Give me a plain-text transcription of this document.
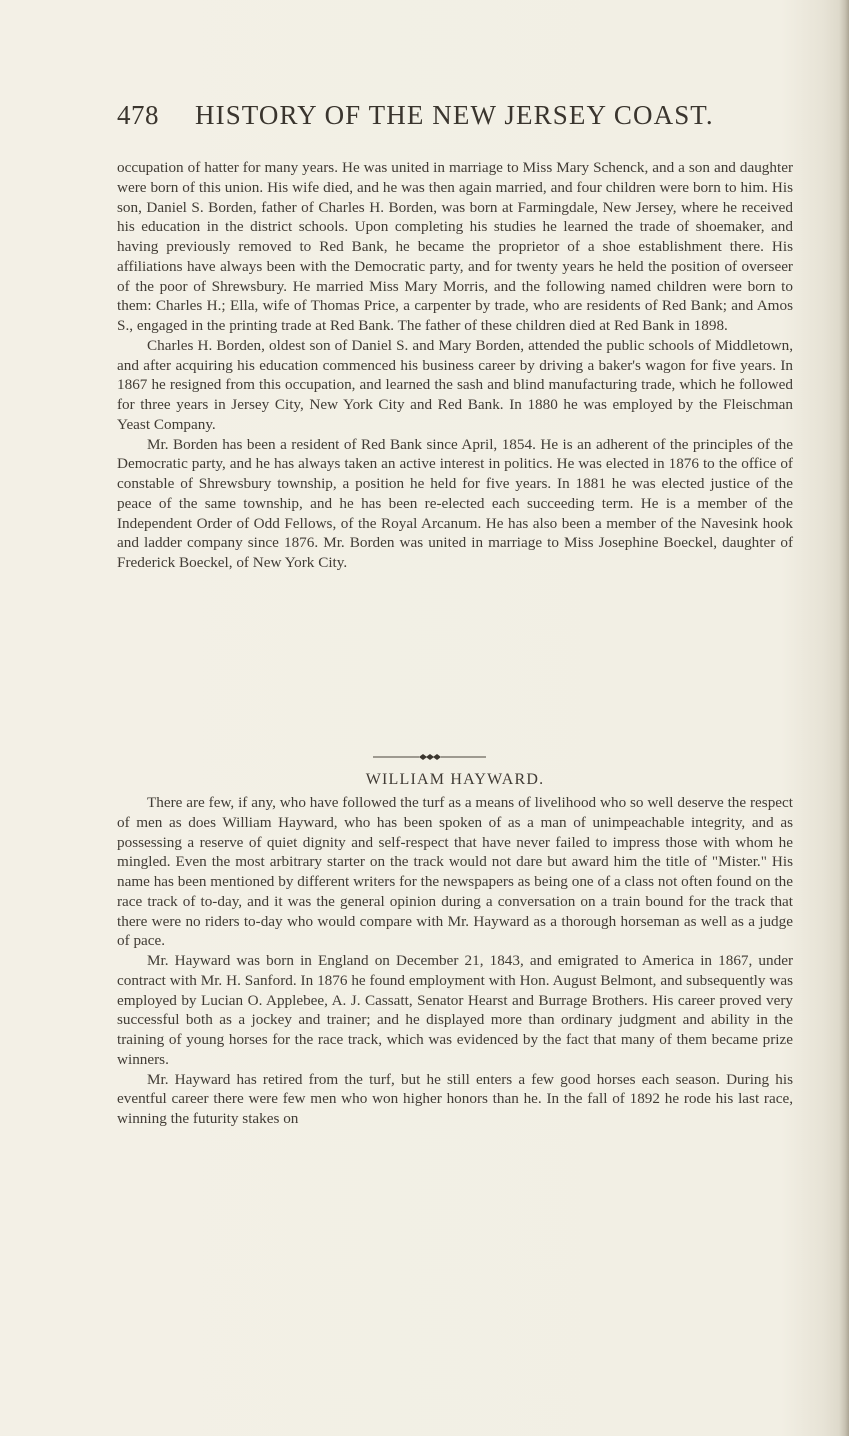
478 HISTORY OF THE NEW JERSEY COAST.

occupation of hatter for many years. He was united in marriage to Miss Mary Schenck, and a son and daughter were born of this union. His wife died, and he was then again married, and four children were born to him. His son, Daniel S. Borden, father of Charles H. Borden, was born at Farmingdale, New Jersey, where he received his education in the district schools. Upon completing his studies he learned the trade of shoemaker, and having previously removed to Red Bank, he became the proprietor of a shoe establishment there. His affiliations have always been with the Democratic party, and for twenty years he held the position of overseer of the poor of Shrewsbury. He married Miss Mary Morris, and the following named children were born to them: Charles H.; Ella, wife of Thomas Price, a carpenter by trade, who are residents of Red Bank; and Amos S., engaged in the printing trade at Red Bank. The father of these children died at Red Bank in 1898.

Charles H. Borden, oldest son of Daniel S. and Mary Borden, attended the public schools of Middletown, and after acquiring his education commenced his business career by driving a baker's wagon for five years. In 1867 he resigned from this occupation, and learned the sash and blind manufacturing trade, which he followed for three years in Jersey City, New York City and Red Bank. In 1880 he was employed by the Fleischman Yeast Company.

Mr. Borden has been a resident of Red Bank since April, 1854. He is an adherent of the principles of the Democratic party, and he has always taken an active interest in politics. He was elected in 1876 to the office of constable of Shrewsbury township, a position he held for five years. In 1881 he was elected justice of the peace of the same township, and he has been re-elected each succeeding term. He is a member of the Independent Order of Odd Fellows, of the Royal Arcanum. He has also been a member of the Navesink hook and ladder company since 1876. Mr. Borden was united in marriage to Miss Josephine Boeckel, daughter of Frederick Boeckel, of New York City.

WILLIAM HAYWARD.

There are few, if any, who have followed the turf as a means of livelihood who so well deserve the respect of men as does William Hayward, who has been spoken of as a man of unimpeachable integrity, and as possessing a reserve of quiet dignity and self-respect that have never failed to impress those with whom he mingled. Even the most arbitrary starter on the track would not dare but award him the title of "Mister." His name has been mentioned by different writers for the newspapers as being one of a class not often found on the race track of to-day, and it was the general opinion during a conversation on a train bound for the track that there were no riders to-day who would compare with Mr. Hayward as a thorough horseman as well as a judge of pace.

Mr. Hayward was born in England on December 21, 1843, and emigrated to America in 1867, under contract with Mr. H. Sanford. In 1876 he found employment with Hon. August Belmont, and subsequently was employed by Lucian O. Applebee, A. J. Cassatt, Senator Hearst and Burrage Brothers. His career proved very successful both as a jockey and trainer; and he displayed more than ordinary judgment and ability in the training of young horses for the race track, which was evidenced by the fact that many of them became prize winners.

Mr. Hayward has retired from the turf, but he still enters a few good horses each season. During his eventful career there were few men who won higher honors than he. In the fall of 1892 he rode his last race, winning the futurity stakes on
